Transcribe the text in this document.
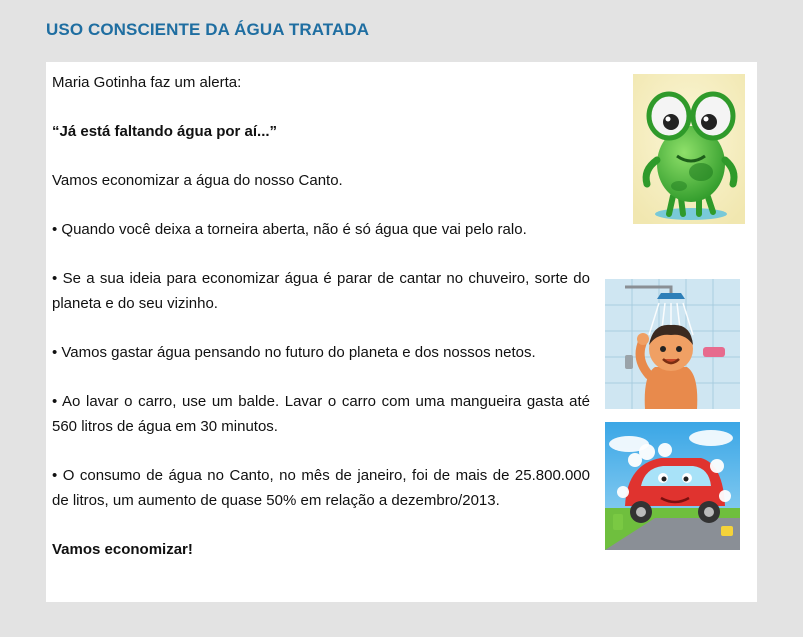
USO CONSCIENTE DA ÁGUA TRATADA

Maria Gotinha faz um alerta:

“Já está faltando água por aí...”

Vamos economizar a água do nosso Canto.

• Quando você deixa a torneira aberta, não é só água que vai pelo ralo.

• Se a sua ideia para economizar água é parar de cantar no chuveiro, sorte do planeta e do seu vizinho.

• Vamos gastar água pensando no futuro do planeta e dos nossos netos.

• Ao lavar o carro, use um balde. Lavar o carro com uma mangueira gasta até 560 litros de água em 30 minutos.

• O consumo de água no Canto, no mês de janeiro, foi de mais de 25.800.000 de litros, um aumento de quase 50% em relação a dezembro/2013.

Vamos economizar!
